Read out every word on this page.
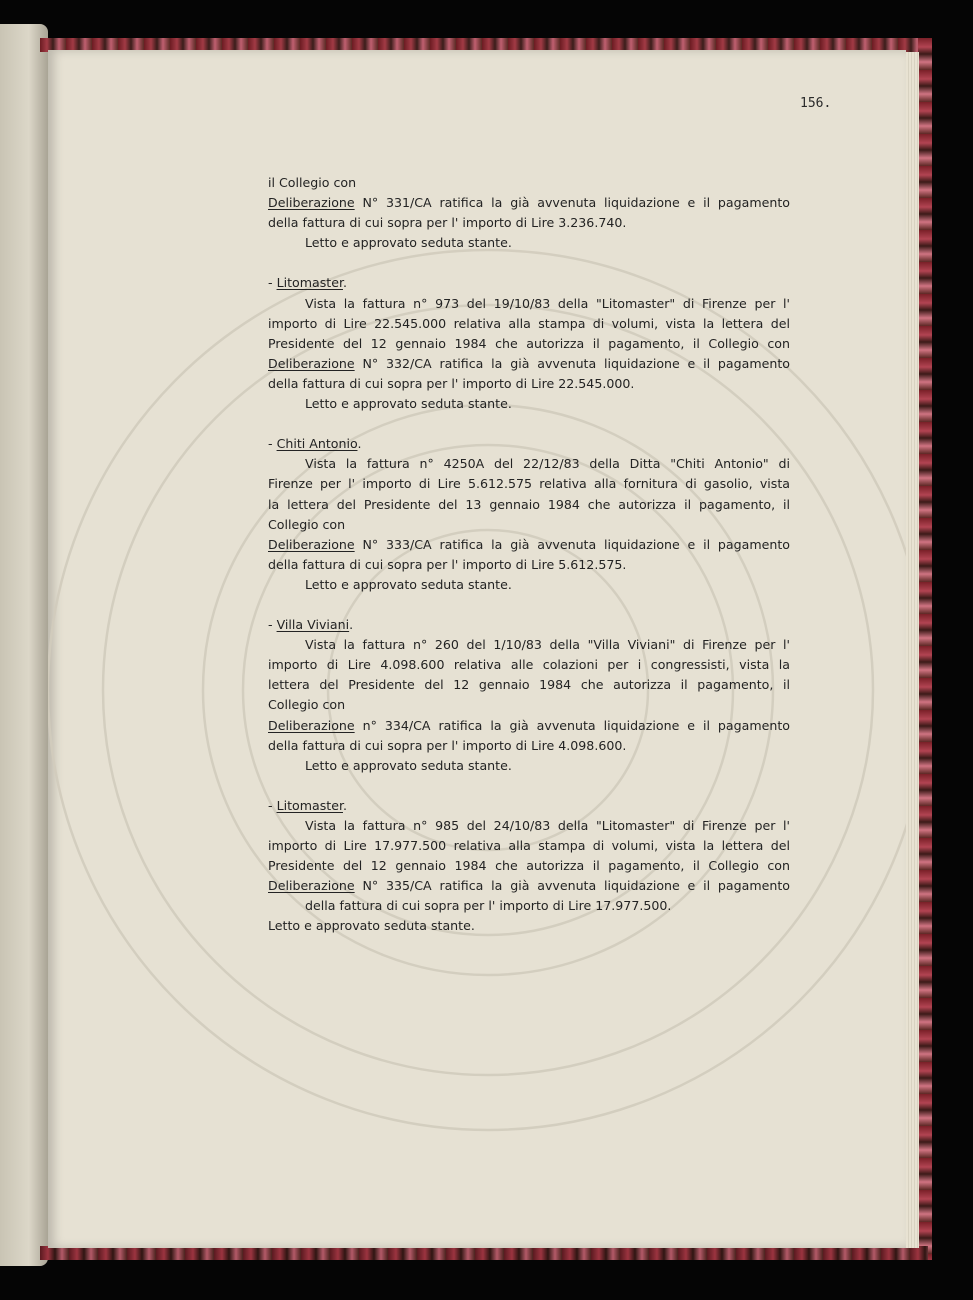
156.
il Collegio con
Deliberazione N° 331/CA ratifica la già avvenuta liquidazione e il pagamento
della fattura di cui sopra per l' importo di Lire 3.236.740.
Letto e approvato seduta stante.
- Litomaster.
Vista la fattura n° 973 del 19/10/83 della "Litomaster" di Firenze per l'
importo di Lire 22.545.000 relativa alla stampa di volumi, vista la lettera del
Presidente del 12 gennaio 1984 che autorizza il pagamento, il Collegio con
Deliberazione N° 332/CA ratifica la già avvenuta liquidazione e il pagamento
della fattura di cui sopra per l' importo di Lire 22.545.000.
Letto e approvato seduta stante.
- Chiti Antonio.
Vista la fattura n° 4250A del 22/12/83 della Ditta "Chiti Antonio" di
Firenze per l' importo di Lire 5.612.575 relativa alla fornitura di gasolio, vista
la lettera del Presidente del 13 gennaio 1984 che autorizza il pagamento, il
Collegio con
Deliberazione N° 333/CA ratifica la già avvenuta liquidazione e il pagamento
della fattura di cui sopra per l' importo di Lire 5.612.575.
Letto e approvato seduta stante.
- Villa Viviani.
Vista la fattura n° 260 del 1/10/83 della "Villa Viviani" di Firenze per l'
importo di Lire 4.098.600 relativa alle colazioni per i congressisti, vista la
lettera del Presidente del 12 gennaio 1984 che autorizza il pagamento, il
Collegio con
Deliberazione n° 334/CA ratifica la già avvenuta liquidazione e il pagamento
della fattura di cui sopra per l' importo di Lire 4.098.600.
Letto e approvato seduta stante.
- Litomaster.
Vista la fattura n° 985 del 24/10/83 della "Litomaster" di Firenze per l'
importo di Lire 17.977.500 relativa alla stampa di volumi, vista la lettera del
Presidente del 12 gennaio 1984 che autorizza il pagamento, il Collegio con
Deliberazione N° 335/CA ratifica la già avvenuta liquidazione e il pagamento
della fattura di cui sopra per l' importo di Lire 17.977.500.
Letto e approvato seduta stante.
